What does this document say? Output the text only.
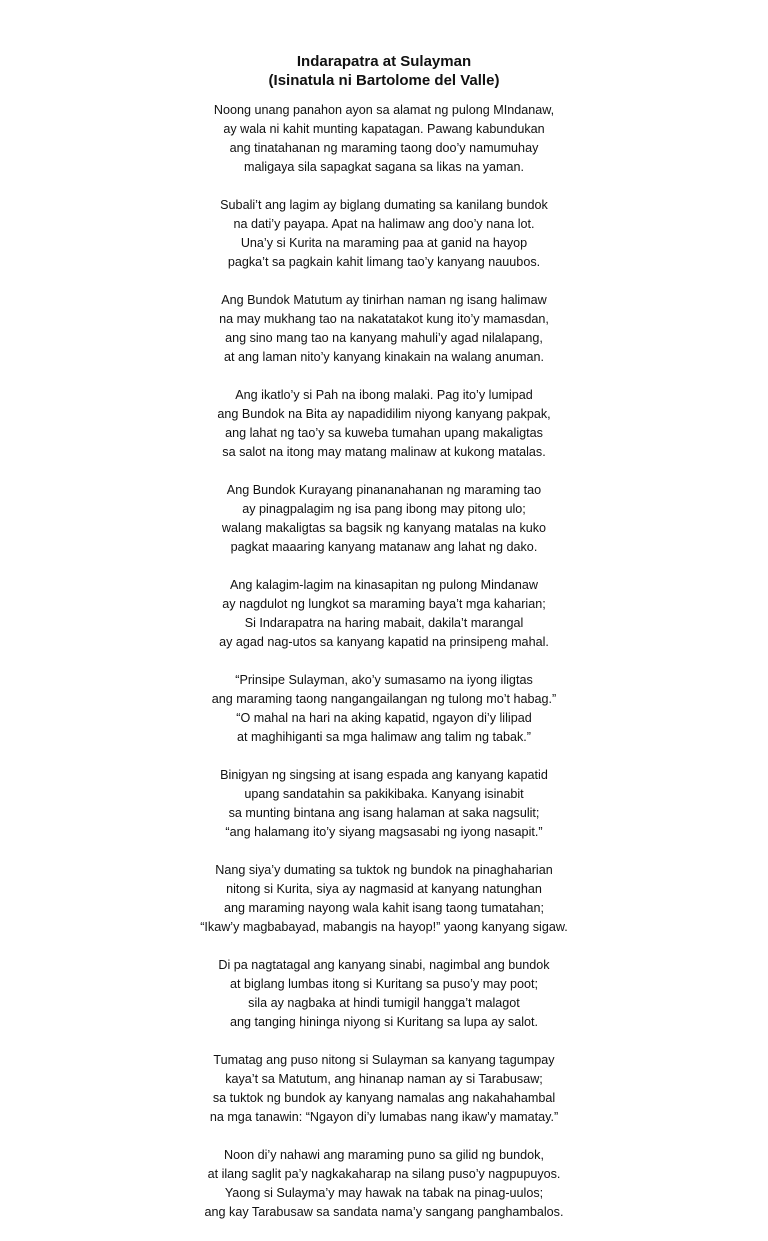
Indarapatra at Sulayman
(Isinatula ni Bartolome del Valle)
Noong unang panahon ayon sa alamat ng pulong MIndanaw,
ay wala ni kahit munting kapatagan. Pawang kabundukan
ang tinatahanan ng maraming taong doo’y namumuhay
maligaya sila sapagkat sagana sa likas na yaman.
Subali’t ang lagim ay biglang dumating sa kanilang bundok
na dati’y payapa. Apat na halimaw ang doo’y nana lot.
Una’y si Kurita na maraming paa at ganid na hayop
pagka’t sa pagkain kahit limang tao’y kanyang nauubos.
Ang Bundok Matutum ay tinirhan naman ng isang halimaw
na may mukhang tao na nakatatakot kung ito’y mamasdan,
ang sino mang tao na kanyang mahuli’y agad nilalapang,
at ang laman nito’y kanyang kinakain na walang anuman.
Ang ikatlo’y si Pah na ibong malaki. Pag ito’y lumipad
ang Bundok na Bita ay napadidilim niyong kanyang pakpak,
ang lahat ng tao’y sa kuweba tumahan upang makaligtas
sa salot na itong may matang malinaw at kukong matalas.
Ang Bundok Kurayang pinananahanan ng maraming tao
ay pinagpalagim ng isa pang ibong may pitong ulo;
walang makaligtas sa bagsik ng kanyang matalas na kuko
pagkat maaaring kanyang matanaw ang lahat ng dako.
Ang kalagim-lagim na kinasapitan ng pulong Mindanaw
ay nagdulot ng lungkot sa maraming baya’t mga kaharian;
Si Indarapatra na haring mabait, dakila’t marangal
ay agad nag-utos sa kanyang kapatid na prinsipeng mahal.
“Prinsipe Sulayman, ako’y sumasamo na iyong iligtas
ang maraming taong nangangailangan ng tulong mo’t habag.”
“O mahal na hari na aking kapatid, ngayon di’y lilipad
at maghihiganti sa mga halimaw ang talim ng tabak.”
Binigyan ng singsing at isang espada ang kanyang kapatid
upang sandatahin sa pakikibaka. Kanyang isinabit
sa munting bintana ang isang halaman at saka nagsulit;
“ang halamang ito’y siyang magsasabi ng iyong nasapit.”
Nang siya’y dumating sa tuktok ng bundok na pinaghaharian
nitong si Kurita, siya ay nagmasid at kanyang natunghan
ang maraming nayong wala kahit isang taong tumatahan;
“Ikaw’y magbabayad, mabangis na hayop!” yaong kanyang sigaw.
Di pa nagtatagal ang kanyang sinabi, nagimbal ang bundok
at biglang lumbas itong si Kuritang sa puso’y may poot;
sila ay nagbaka at hindi tumigil hangga’t malagot
ang tanging hininga niyong si Kuritang sa lupa ay salot.
Tumatag ang puso nitong si Sulayman sa kanyang tagumpay
kaya’t sa Matutum, ang hinanap naman ay si Tarabusaw;
sa tuktok ng bundok ay kanyang namalas ang nakahahambal
na mga tanawin: “Ngayon di’y lumabas nang ikaw’y mamatay.”
Noon di’y nahawi ang maraming puno sa gilid ng bundok,
at ilang saglit pa’y nagkakaharap na silang puso’y nagpupuyos.
Yaong si Sulayma’y may hawak na tabak na pinag-uulos;
ang kay Tarabusaw sa sandata nama’y sangang panghambalos.
